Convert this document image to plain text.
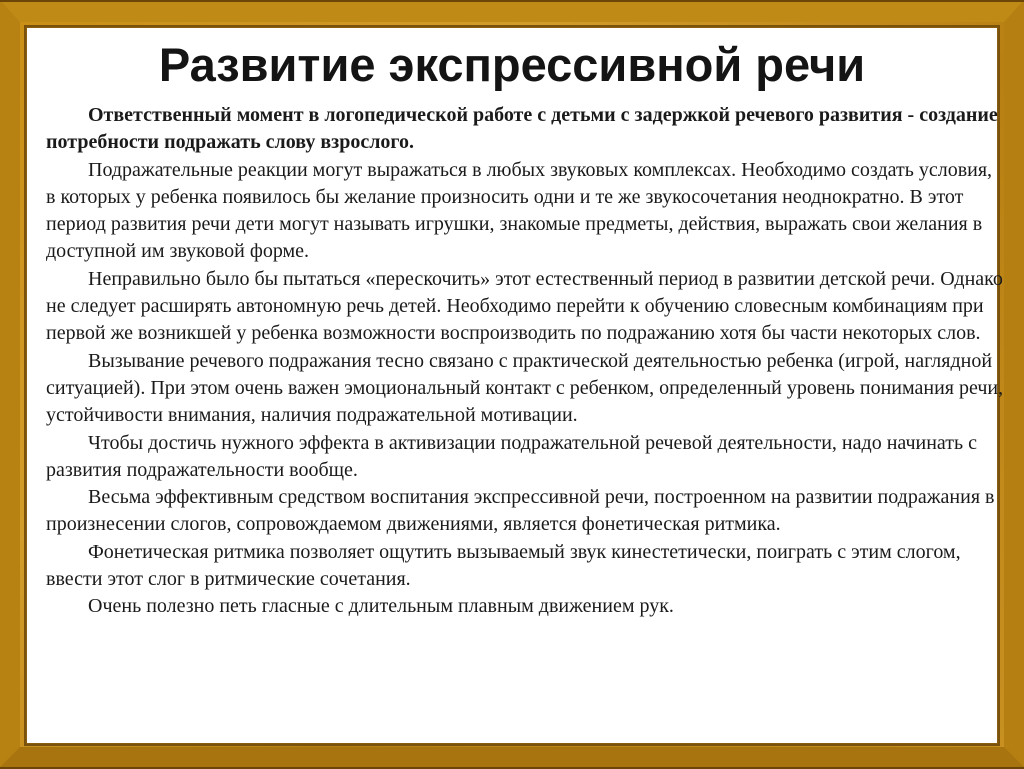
Развитие экспрессивной речи

Ответственный момент в логопедической работе с детьми с задержкой речевого развития - создание потребности подражать слову взрослого.

Подражательные реакции могут выражаться в любых звуковых комплексах. Необходимо создать условия, в которых у ребенка появилось бы желание произносить одни и те же звукосочетания неоднократно. В этот период развития речи дети могут называть игрушки, знакомые предметы, действия, выражать свои желания в доступной им звуковой форме.

Неправильно было бы пытаться «перескочить» этот естественный период в развитии детской речи. Однако не следует расширять автономную речь детей. Необходимо перейти к обучению словесным комбинациям при первой же возникшей у ребенка возможности воспроизводить по подражанию хотя бы части некоторых слов.

Вызывание речевого подражания тесно связано с практической деятельностью ребенка (игрой, наглядной ситуацией). При этом очень важен эмоциональный контакт с ребенком, определенный уровень понимания речи, устойчивости внимания, наличия подражательной мотивации.

Чтобы достичь нужного эффекта в активизации подражательной речевой деятельности, надо начинать с развития подражательности вообще.

Весьма эффективным средством воспитания экспрессивной речи, построенном на развитии подражания в произнесении слогов, сопровождаемом движениями, является фонетическая ритмика.

Фонетическая ритмика позволяет ощутить вызываемый звук кинестетически, поиграть с этим слогом, ввести этот слог в ритмические сочетания.

Очень полезно петь гласные с длительным плавным движением рук.
